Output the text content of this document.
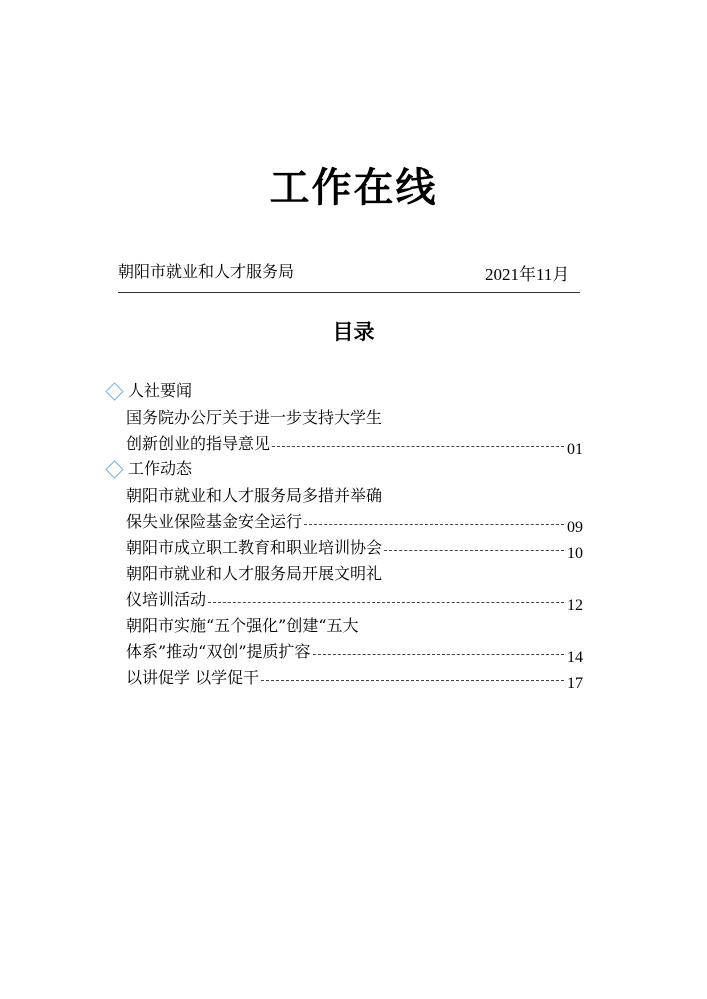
工作在线
朝阳市就业和人才服务局	2021年11月
目录
人社要闻
国务院办公厅关于进一步支持大学生
创新创业的指导意见	01
工作动态
朝阳市就业和人才服务局多措并举确
保失业保险基金安全运行	09
朝阳市成立职工教育和职业培训协会	10
朝阳市就业和人才服务局开展文明礼
仪培训活动	12
朝阳市实施“五个强化”创建“五大
体系”推动“双创”提质扩容	14
以讲促学 以学促干	17
